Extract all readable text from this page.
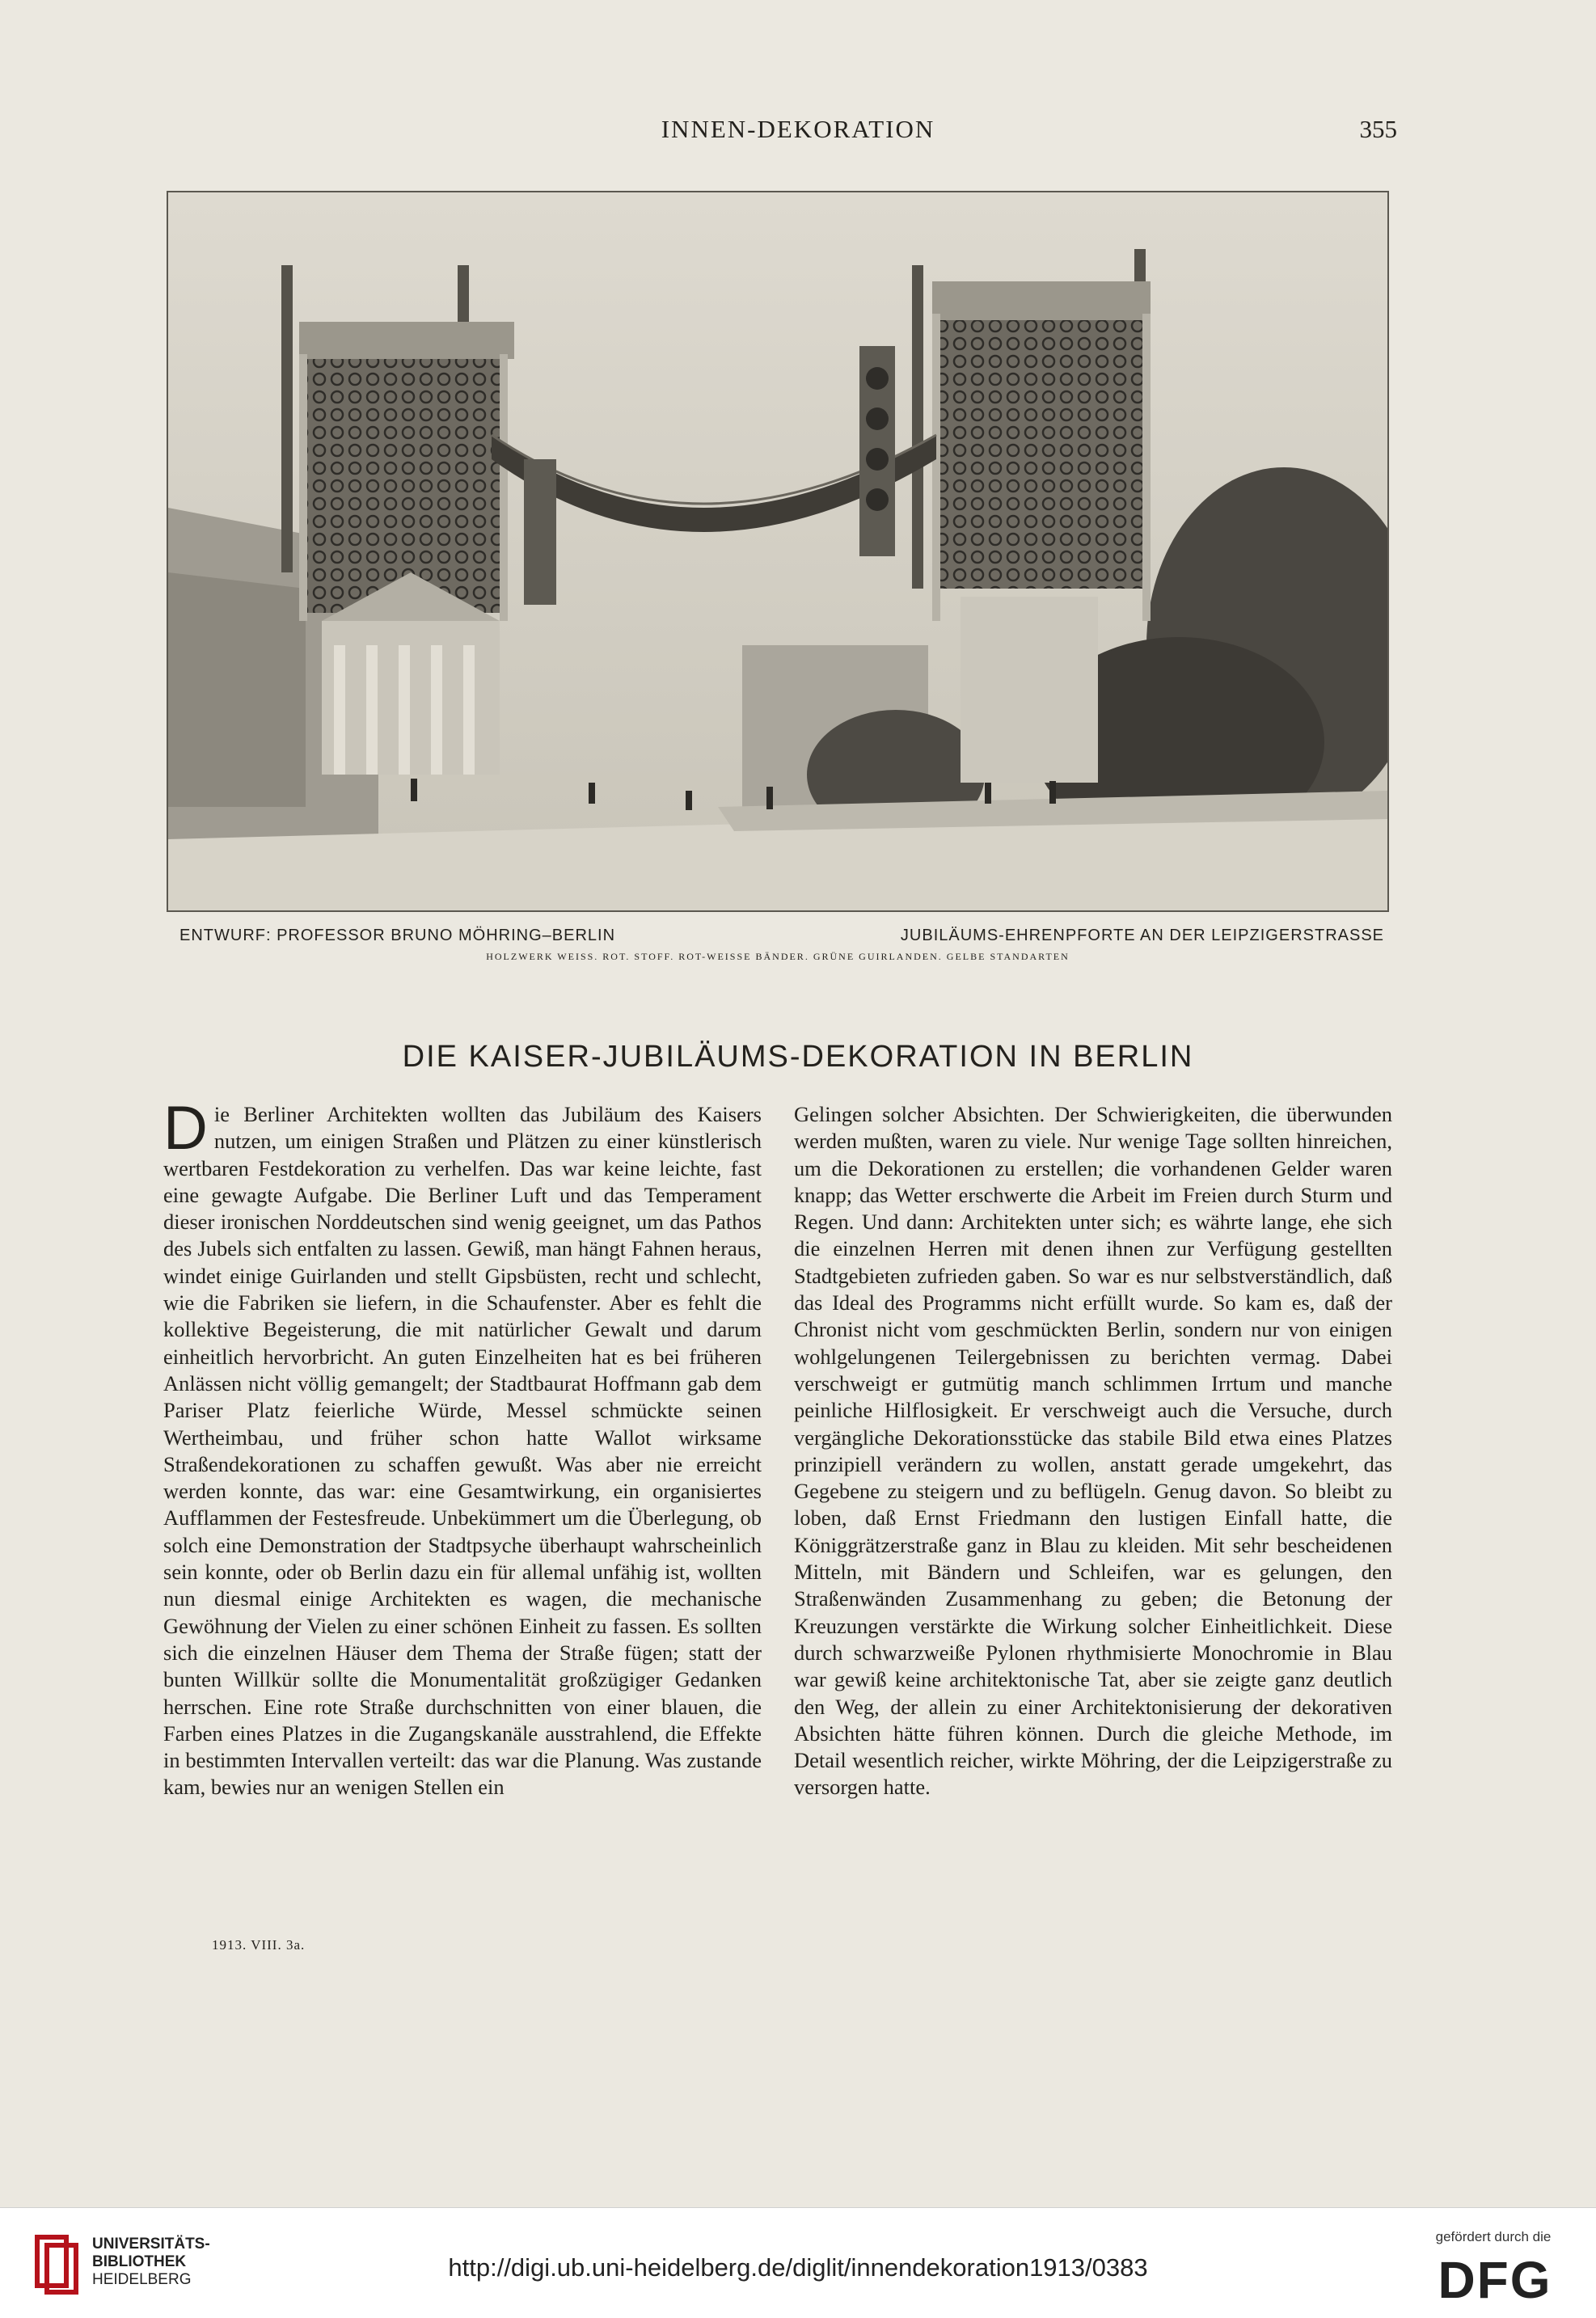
INNEN-DEKORATION	355
ENTWURF: PROFESSOR BRUNO MÖHRING–BERLIN	JUBILÄUMS-EHRENPFORTE AN DER LEIPZIGERSTRASSE
HOLZWERK WEISS. ROT. STOFF. ROT-WEISSE BÄNDER. GRÜNE GUIRLANDEN. GELBE STANDARTEN
DIE KAISER-JUBILÄUMS-DEKORATION IN BERLIN

Die Berliner Architekten wollten das Jubiläum des Kaisers nutzen, um einigen Straßen und Plätzen zu einer künstlerisch wertbaren Festdekoration zu verhelfen. Das war keine leichte, fast eine gewagte Aufgabe. Die Berliner Luft und das Temperament dieser ironischen Norddeutschen sind wenig geeignet, um das Pathos des Jubels sich entfalten zu lassen. Gewiß, man hängt Fahnen heraus, windet einige Guirlanden und stellt Gipsbüsten, recht und schlecht, wie die Fabriken sie liefern, in die Schaufenster. Aber es fehlt die kollektive Begeisterung, die mit natürlicher Gewalt und darum einheitlich hervorbricht. An guten Einzelheiten hat es bei früheren Anlässen nicht völlig gemangelt; der Stadtbaurat Hoffmann gab dem Pariser Platz feierliche Würde, Messel schmückte seinen Wertheimbau, und früher schon hatte Wallot wirksame Straßendekorationen zu schaffen gewußt. Was aber nie erreicht werden konnte, das war: eine Gesamtwirkung, ein organisiertes Aufflammen der Festesfreude. Unbekümmert um die Überlegung, ob solch eine Demonstration der Stadtpsyche überhaupt wahrscheinlich sein konnte, oder ob Berlin dazu ein für allemal unfähig ist, wollten nun diesmal einige Architekten es wagen, die mechanische Gewöhnung der Vielen zu einer schönen Einheit zu fassen. Es sollten sich die einzelnen Häuser dem Thema der Straße fügen; statt der bunten Willkür sollte die Monumentalität großzügiger Gedanken herrschen. Eine rote Straße durchschnitten von einer blauen, die Farben eines Platzes in die Zugangskanäle ausstrahlend, die Effekte in bestimmten Intervallen verteilt: das war die Planung. Was zustande kam, bewies nur an wenigen Stellen ein

Gelingen solcher Absichten. Der Schwierigkeiten, die überwunden werden mußten, waren zu viele. Nur wenige Tage sollten hinreichen, um die Dekorationen zu erstellen; die vorhandenen Gelder waren knapp; das Wetter erschwerte die Arbeit im Freien durch Sturm und Regen. Und dann: Architekten unter sich; es währte lange, ehe sich die einzelnen Herren mit denen ihnen zur Verfügung gestellten Stadtgebieten zufrieden gaben. So war es nur selbstverständlich, daß das Ideal des Programms nicht erfüllt wurde. So kam es, daß der Chronist nicht vom geschmückten Berlin, sondern nur von einigen wohlgelungenen Teilergebnissen zu berichten vermag. Dabei verschweigt er gutmütig manch schlimmen Irrtum und manche peinliche Hilflosigkeit. Er verschweigt auch die Versuche, durch vergängliche Dekorationsstücke das stabile Bild etwa eines Platzes prinzipiell verändern zu wollen, anstatt gerade umgekehrt, das Gegebene zu steigern und zu beflügeln. Genug davon. So bleibt zu loben, daß Ernst Friedmann den lustigen Einfall hatte, die Königgrätzerstraße ganz in Blau zu kleiden. Mit sehr bescheidenen Mitteln, mit Bändern und Schleifen, war es gelungen, den Straßenwänden Zusammenhang zu geben; die Betonung der Kreuzungen verstärkte die Wirkung solcher Einheitlichkeit. Diese durch schwarzweiße Pylonen rhythmisierte Monochromie in Blau war gewiß keine architektonische Tat, aber sie zeigte ganz deutlich den Weg, der allein zu einer Architektonisierung der dekorativen Absichten hätte führen können. Durch die gleiche Methode, im Detail wesentlich reicher, wirkte Möhring, der die Leipzigerstraße zu versorgen hatte.

1913. VIII. 3a.
UNIVERSITÄTS-
BIBLIOTHEK
HEIDELBERG	http://digi.ub.uni-heidelberg.de/diglit/innendekoration1913/0383
gefördert durch die
DFG
